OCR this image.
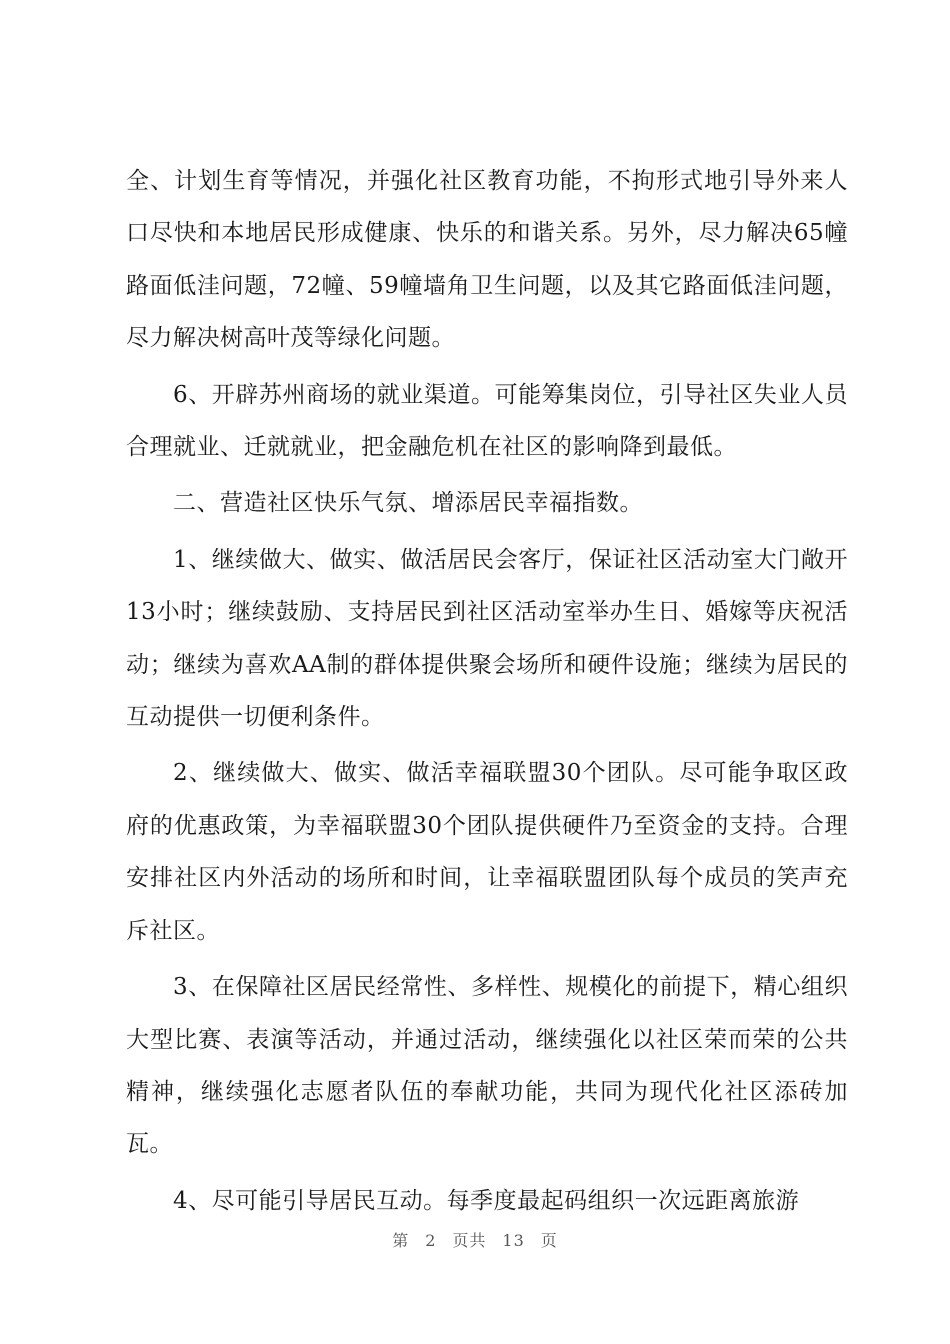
全、计划生育等情况，并强化社区教育功能，不拘形式地引导外来人口尽快和本地居民形成健康、快乐的和谐关系。另外，尽力解决65幢路面低洼问题，72幢、59幢墙角卫生问题，以及其它路面低洼问题，尽力解决树高叶茂等绿化问题。

6、开辟苏州商场的就业渠道。可能筹集岗位，引导社区失业人员合理就业、迁就就业，把金融危机在社区的影响降到最低。

二、营造社区快乐气氛、增添居民幸福指数。

1、继续做大、做实、做活居民会客厅，保证社区活动室大门敞开13小时；继续鼓励、支持居民到社区活动室举办生日、婚嫁等庆祝活动；继续为喜欢AA制的群体提供聚会场所和硬件设施；继续为居民的互动提供一切便利条件。

2、继续做大、做实、做活幸福联盟30个团队。尽可能争取区政府的优惠政策，为幸福联盟30个团队提供硬件乃至资金的支持。合理安排社区内外活动的场所和时间，让幸福联盟团队每个成员的笑声充斥社区。

3、在保障社区居民经常性、多样性、规模化的前提下，精心组织大型比赛、表演等活动，并通过活动，继续强化以社区荣而荣的公共精神，继续强化志愿者队伍的奉献功能，共同为现代化社区添砖加瓦。

4、尽可能引导居民互动。每季度最起码组织一次远距离旅游

第 2 页共 13 页
